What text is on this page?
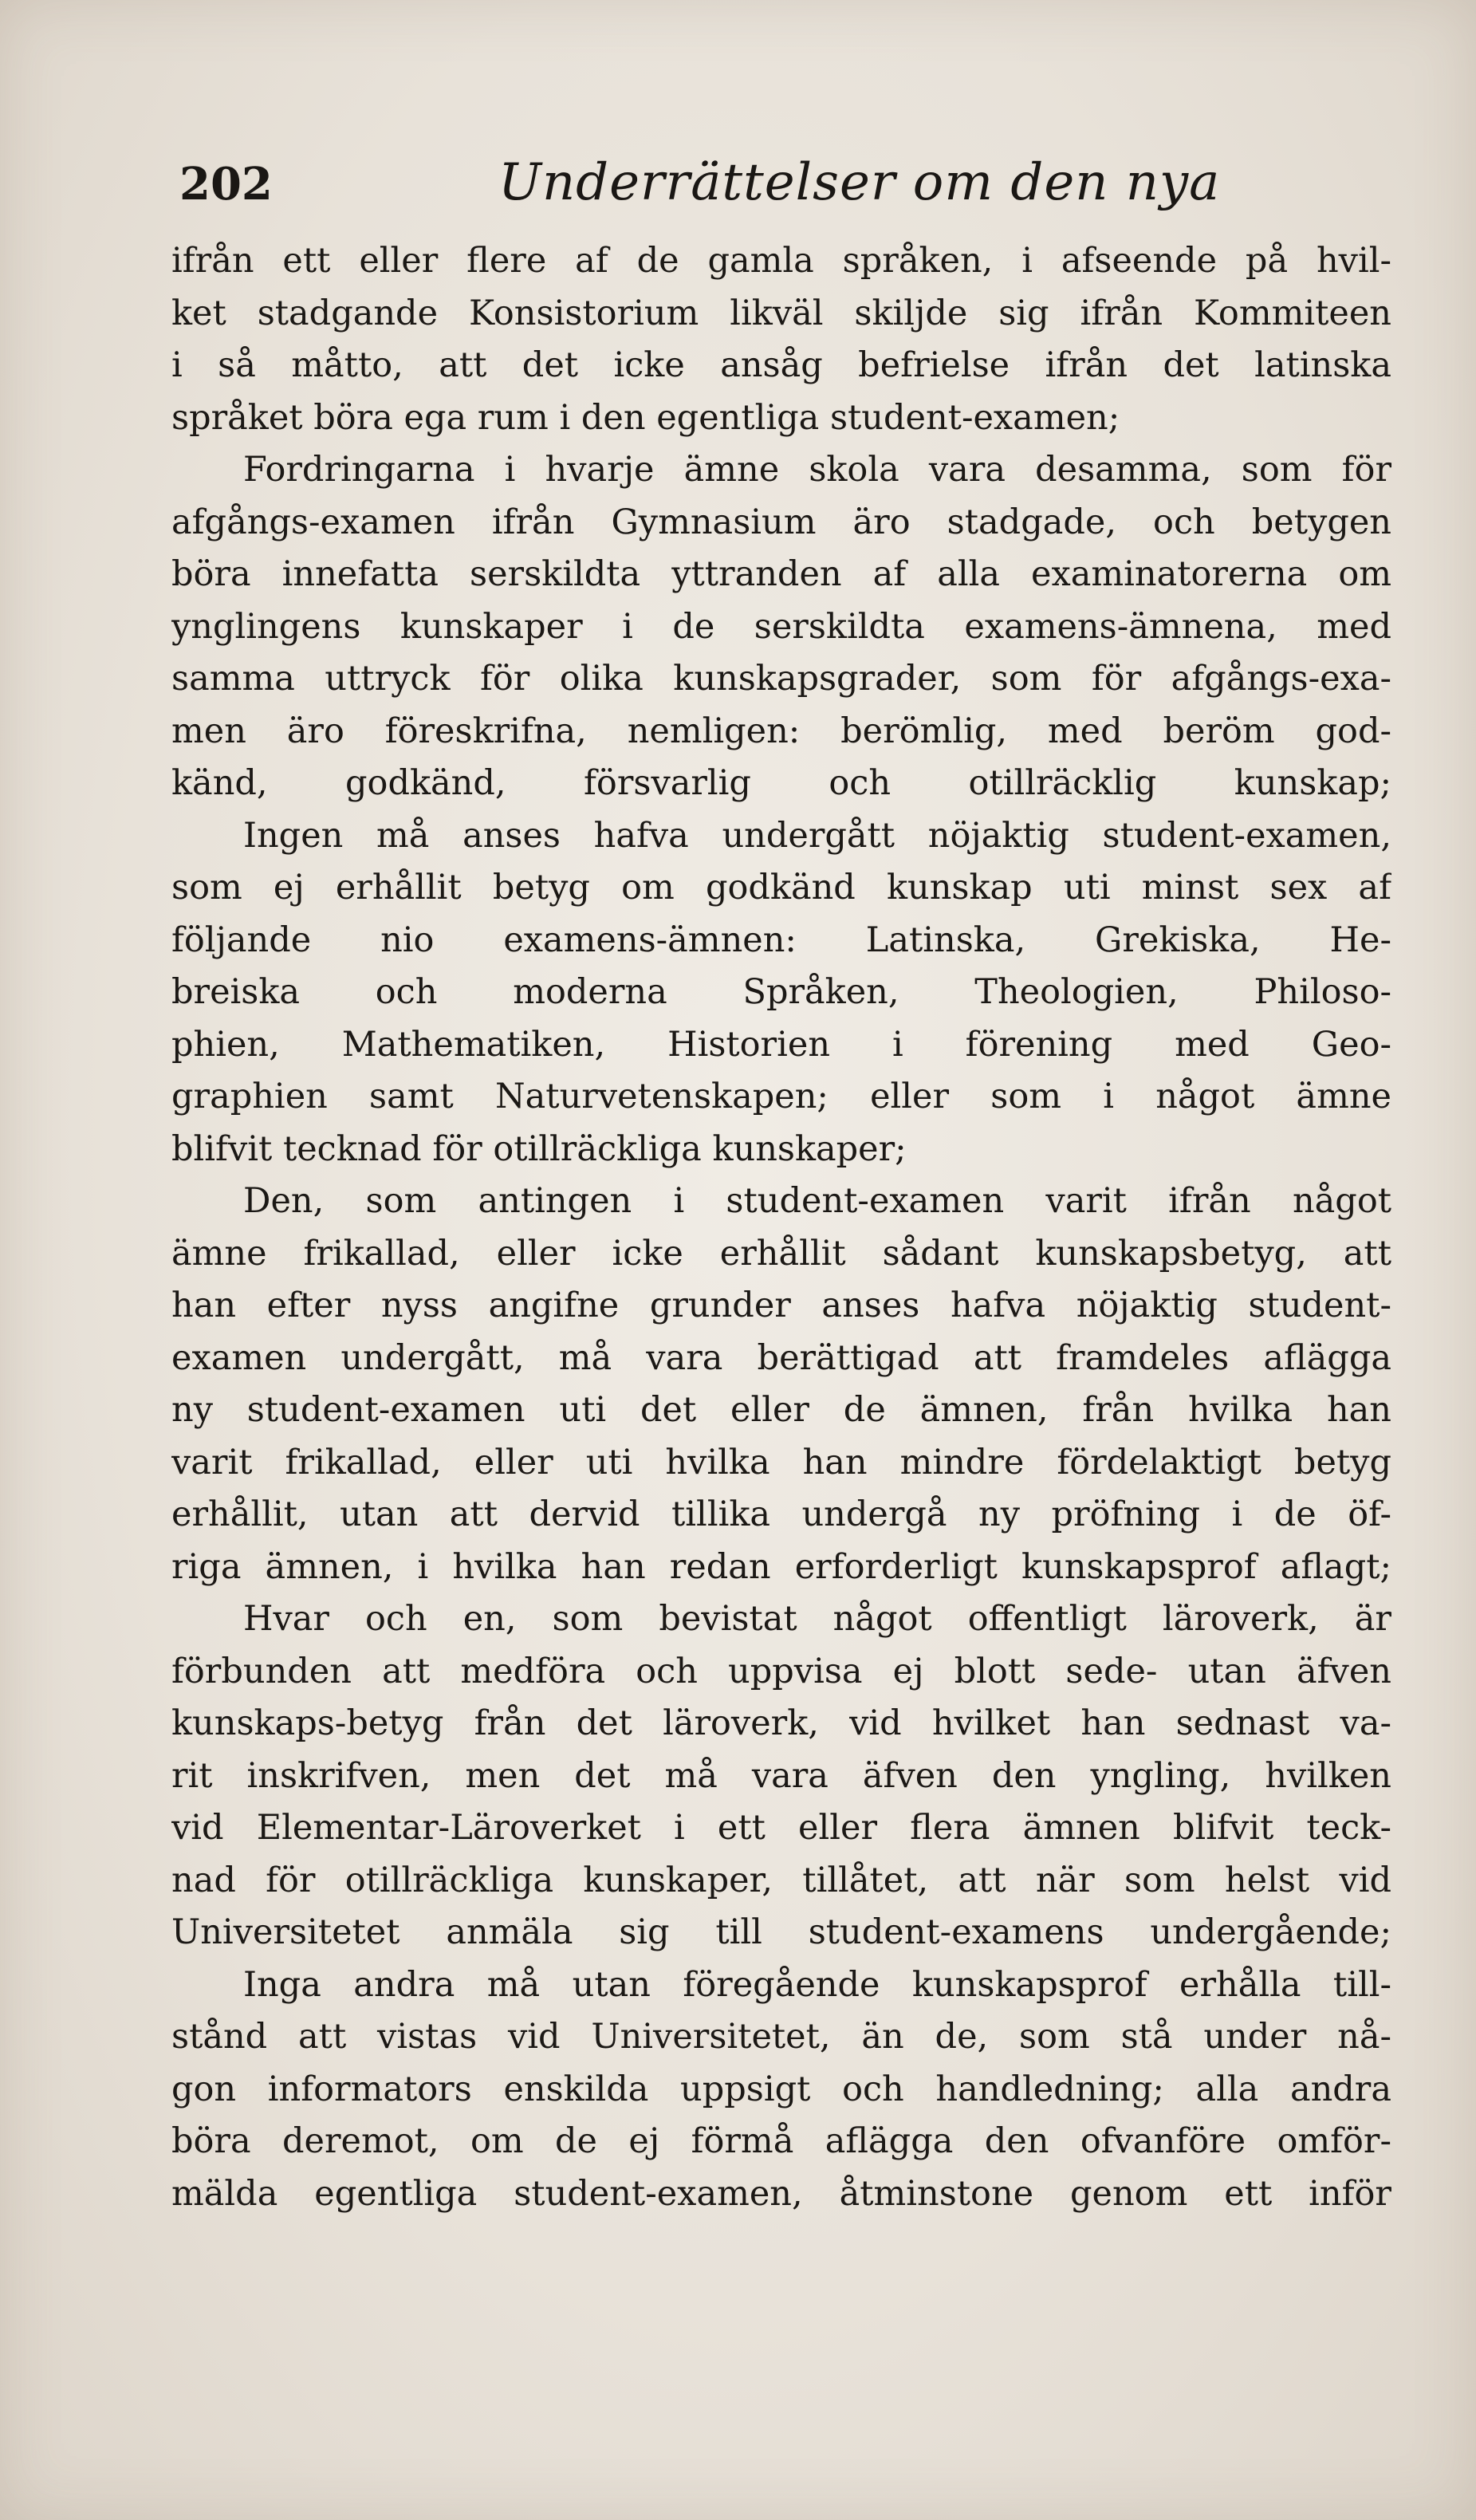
202	Underrättelser om den nya

ifrån ett eller flere af de gamla språken, i afseende på hvil-

ket stadgande Konsistorium likväl skiljde sig ifrån Kommiteen

i så måtto, att det icke ansåg befrielse ifrån det latinska

språket böra ega rum i den egentliga student-examen;

Fordringarna i hvarje ämne skola vara desamma, som för

afgångs-examen ifrån Gymnasium äro stadgade, och betygen

böra innefatta serskildta yttranden af alla examinatorerna om

ynglingens kunskaper i de serskildta examens-ämnena, med

samma uttryck för olika kunskapsgrader, som för afgångs-exa-

men äro föreskrifna, nemligen: berömlig, med beröm god-

känd, godkänd, försvarlig och otillräcklig kunskap;

Ingen må anses hafva undergått nöjaktig student-examen,

som ej erhållit betyg om godkänd kunskap uti minst sex af

följande nio examens-ämnen: Latinska, Grekiska, He-

breiska och moderna Språken, Theologien, Philoso-

phien, Mathematiken, Historien i förening med Geo-

graphien samt Naturvetenskapen; eller som i något ämne

blifvit tecknad för otillräckliga kunskaper;

Den, som antingen i student-examen varit ifrån något

ämne frikallad, eller icke erhållit sådant kunskapsbetyg, att

han efter nyss angifne grunder anses hafva nöjaktig student-

examen undergått, må vara berättigad att framdeles aflägga

ny student-examen uti det eller de ämnen, från hvilka han

varit frikallad, eller uti hvilka han mindre fördelaktigt betyg

erhållit, utan att dervid tillika undergå ny pröfning i de öf-

riga ämnen, i hvilka han redan erforderligt kunskapsprof aflagt;

Hvar och en, som bevistat något offentligt läroverk, är

förbunden att medföra och uppvisa ej blott sede- utan äfven

kunskaps-betyg från det läroverk, vid hvilket han sednast va-

rit inskrifven, men det må vara äfven den yngling, hvilken

vid Elementar-Läroverket i ett eller flera ämnen blifvit teck-

nad för otillräckliga kunskaper, tillåtet, att när som helst vid

Universitetet anmäla sig till student-examens undergående;

Inga andra må utan föregående kunskapsprof erhålla till-

stånd att vistas vid Universitetet, än de, som stå under nå-

gon informators enskilda uppsigt och handledning; alla andra

böra deremot, om de ej förmå aflägga den ofvanföre omför-

mälda egentliga student-examen, åtminstone genom ett inför
